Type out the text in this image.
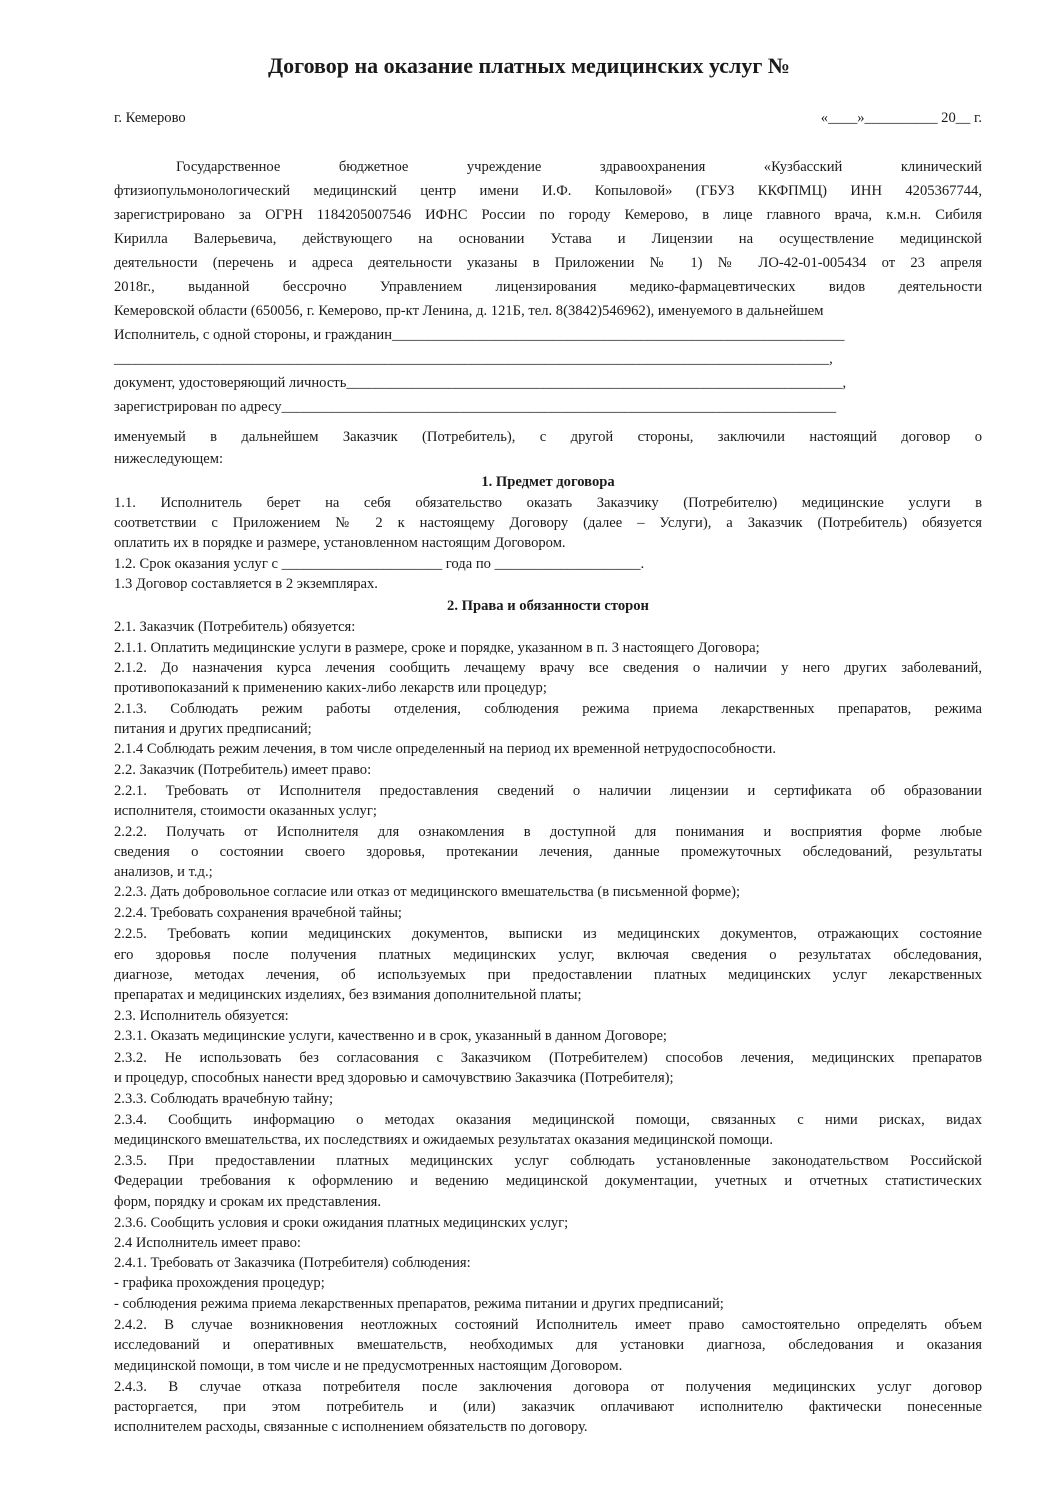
Договор на оказание платных медицинских услуг №
г. Кемерово	«____»__________ 20__ г.
Государственное бюджетное учреждение здравоохранения «Кузбасский клинический
фтизиопульмонологический медицинский центр имени И.Ф. Копыловой» (ГБУЗ ККФПМЦ) ИНН 4205367744,
зарегистрировано за ОГРН 1184205007546 ИФНС России по городу Кемерово, в лице главного врача, к.м.н. Сибиля
Кирилла Валерьевича, действующего на основании Устава и Лицензии на осуществление медицинской
деятельности (перечень и адреса деятельности указаны в Приложении № 1) № ЛО-42-01-005434 от 23 апреля
2018г., выданной бессрочно Управлением лицензирования медико-фармацевтических видов деятельности
Кемеровской области (650056, г. Кемерово, пр-кт Ленина, д. 121Б, тел. 8(3842)546962), именуемого в дальнейшем
Исполнитель, с одной стороны, и гражданин______________________________________________________________
__________________________________________________________________________________________________,
документ, удостоверяющий личность____________________________________________________________________,
зарегистрирован по адресу____________________________________________________________________________
именуемый в дальнейшем Заказчик (Потребитель), с другой стороны, заключили настоящий договор о
нижеследующем:
1. Предмет договора
1.1. Исполнитель берет на себя обязательство оказать Заказчику (Потребителю) медицинские услуги в
соответствии с Приложением № 2 к настоящему Договору (далее – Услуги), а Заказчик (Потребитель) обязуется
оплатить их в порядке и размере, установленном настоящим Договором.
1.2. Срок оказания услуг с ______________________ года по ____________________.
1.3 Договор составляется в 2 экземплярах.
2. Права и обязанности сторон
2.1. Заказчик (Потребитель) обязуется:
2.1.1. Оплатить медицинские услуги в размере, сроке и порядке, указанном в п. 3 настоящего Договора;
2.1.2. До назначения курса лечения сообщить лечащему врачу все сведения о наличии у него других заболеваний,
противопоказаний к применению каких-либо лекарств или процедур;
2.1.3. Соблюдать режим работы отделения, соблюдения режима приема лекарственных препаратов, режима
питания и других предписаний;
2.1.4 Соблюдать режим лечения, в том числе определенный на период их временной нетрудоспособности.
2.2. Заказчик (Потребитель) имеет право:
2.2.1. Требовать от Исполнителя предоставления сведений о наличии лицензии и сертификата об образовании
исполнителя, стоимости оказанных услуг;
2.2.2. Получать от Исполнителя для ознакомления в доступной для понимания и восприятия форме любые
сведения о состоянии своего здоровья, протекании лечения, данные промежуточных обследований, результаты
анализов, и т.д.;
2.2.3. Дать добровольное согласие или отказ от медицинского вмешательства (в письменной форме);
2.2.4. Требовать сохранения врачебной тайны;
2.2.5. Требовать копии медицинских документов, выписки из медицинских документов, отражающих состояние
его здоровья после получения платных медицинских услуг, включая сведения о результатах обследования,
диагнозе, методах лечения, об используемых при предоставлении платных медицинских услуг лекарственных
препаратах и медицинских изделиях, без взимания дополнительной платы;
2.3. Исполнитель обязуется:
2.3.1. Оказать медицинские услуги, качественно и в срок, указанный в данном Договоре;
2.3.2. Не использовать без согласования с Заказчиком (Потребителем) способов лечения, медицинских препаратов
и процедур, способных нанести вред здоровью и самочувствию Заказчика (Потребителя);
2.3.3. Соблюдать врачебную тайну;
2.3.4. Сообщить информацию о методах оказания медицинской помощи, связанных с ними рисках, видах
медицинского вмешательства, их последствиях и ожидаемых результатах оказания медицинской помощи.
2.3.5. При предоставлении платных медицинских услуг соблюдать установленные законодательством Российской
Федерации требования к оформлению и ведению медицинской документации, учетных и отчетных статистических
форм, порядку и срокам их представления.
2.3.6. Сообщить условия и сроки ожидания платных медицинских услуг;
2.4 Исполнитель имеет право:
2.4.1. Требовать от Заказчика (Потребителя) соблюдения:
- графика прохождения процедур;
- соблюдения режима приема лекарственных препаратов, режима питании и других предписаний;
2.4.2. В случае возникновения неотложных состояний Исполнитель имеет право самостоятельно определять объем
исследований и оперативных вмешательств, необходимых для установки диагноза, обследования и оказания
медицинской помощи, в том числе и не предусмотренных настоящим Договором.
2.4.3. В случае отказа потребителя после заключения договора от получения медицинских услуг договор
расторгается, при этом потребитель и (или) заказчик оплачивают исполнителю фактически понесенные
исполнителем расходы, связанные с исполнением обязательств по договору.
